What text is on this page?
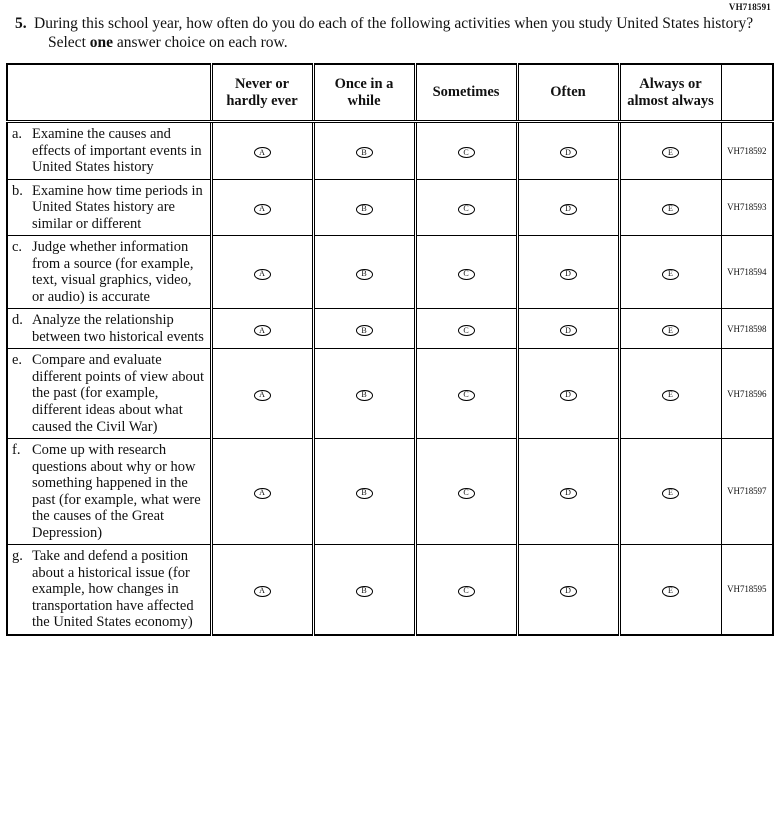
VH718591
5. During this school year, how often do you do each of the following activities when you study United States history? Select one answer choice on each row.
	Never or hardly ever	Once in a while	Sometimes	Often	Always or almost always	

a. Examine the causes and effects of important events in United States history	A	B	C	D	E	VH718592

b. Examine how time periods in United States history are similar or different	A	B	C	D	E	VH718593

c. Judge whether information from a source (for example, text, visual graphics, video, or audio) is accurate	A	B	C	D	E	VH718594

d. Analyze the relationship between two historical events	A	B	C	D	E	VH718598

e. Compare and evaluate different points of view about the past (for example, different ideas about what caused the Civil War)	A	B	C	D	E	VH718596

f. Come up with research questions about why or how something happened in the past (for example, what were the causes of the Great Depression)	A	B	C	D	E	VH718597

g. Take and defend a position about a historical issue (for example, how changes in transportation have affected the United States economy)	A	B	C	D	E	VH718595
